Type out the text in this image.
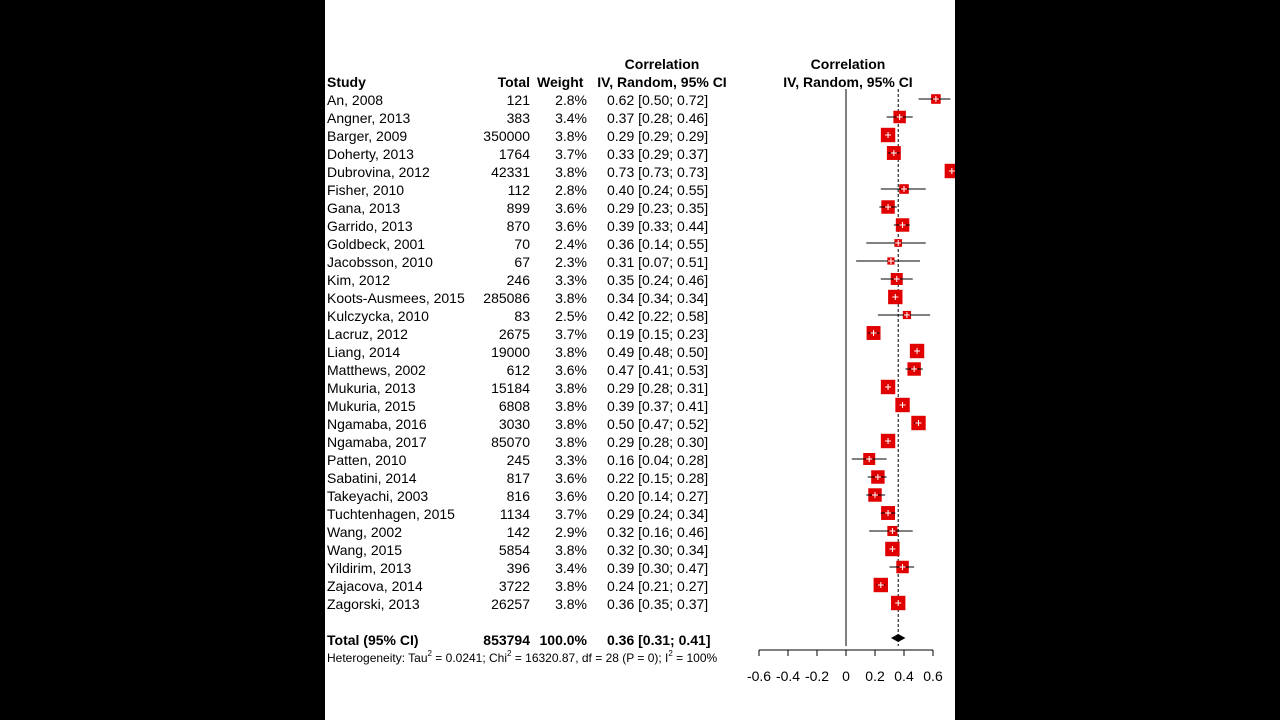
Study	Total Weight
Correlation
IV, Random, 95% CI
Correlation
IV, Random, 95% CI
An, 2008	121	2.8% 0.62 [0.50; 0.72]
Angner, 2013	383	3.4% 0.37 [0.28; 0.46]
Barger, 2009	350000	3.8% 0.29 [0.29; 0.29]
Doherty, 2013	1764	3.7% 0.33 [0.29; 0.37]
Dubrovina, 2012	42331	3.8% 0.73 [0.73; 0.73]
Fisher, 2010	112	2.8% 0.40 [0.24; 0.55]
Gana, 2013	899	3.6% 0.29 [0.23; 0.35]
Garrido, 2013	870	3.6% 0.39 [0.33; 0.44]
Goldbeck, 2001	70	2.4% 0.36 [0.14; 0.55]
Jacobsson, 2010	67	2.3% 0.31 [0.07; 0.51]
Kim, 2012	246	3.3% 0.35 [0.24; 0.46]
Koots-Ausmees, 2015	285086	3.8% 0.34 [0.34; 0.34]
Kulczycka, 2010	83	2.5% 0.42 [0.22; 0.58]
Lacruz, 2012	2675	3.7% 0.19 [0.15; 0.23]
Liang, 2014	19000	3.8% 0.49 [0.48; 0.50]
Matthews, 2002	612	3.6% 0.47 [0.41; 0.53]
Mukuria, 2013	15184	3.8% 0.29 [0.28; 0.31]
Mukuria, 2015	6808	3.8% 0.39 [0.37; 0.41]
Ngamaba, 2016	3030	3.8% 0.50 [0.47; 0.52]
Ngamaba, 2017	85070	3.8% 0.29 [0.28; 0.30]
Patten, 2010	245	3.3% 0.16 [0.04; 0.28]
Sabatini, 2014	817	3.6% 0.22 [0.15; 0.28]
Takeyachi, 2003	816	3.6% 0.20 [0.14; 0.27]
Tuchtenhagen, 2015	1134	3.7% 0.29 [0.24; 0.34]
Wang, 2002	142	2.9% 0.32 [0.16; 0.46]
Wang, 2015	5854	3.8% 0.32 [0.30; 0.34]
Yildirim, 2013	396	3.4% 0.39 [0.30; 0.47]
Zajacova, 2014	3722	3.8% 0.24 [0.21; 0.27]
Zagorski, 2013	26257	3.8% 0.36 [0.35; 0.37]
Total (95% CI)	853794 100.0% 0.36 [0.31; 0.41]
Heterogeneity: Tau$^2$ = 0.0241; Chi$^2$ = 16320.87, df = 28 (P = 0); $I^2 = 100\%$
-0.6 -0.4 -0.2 0 0.2 0.4 0.6
